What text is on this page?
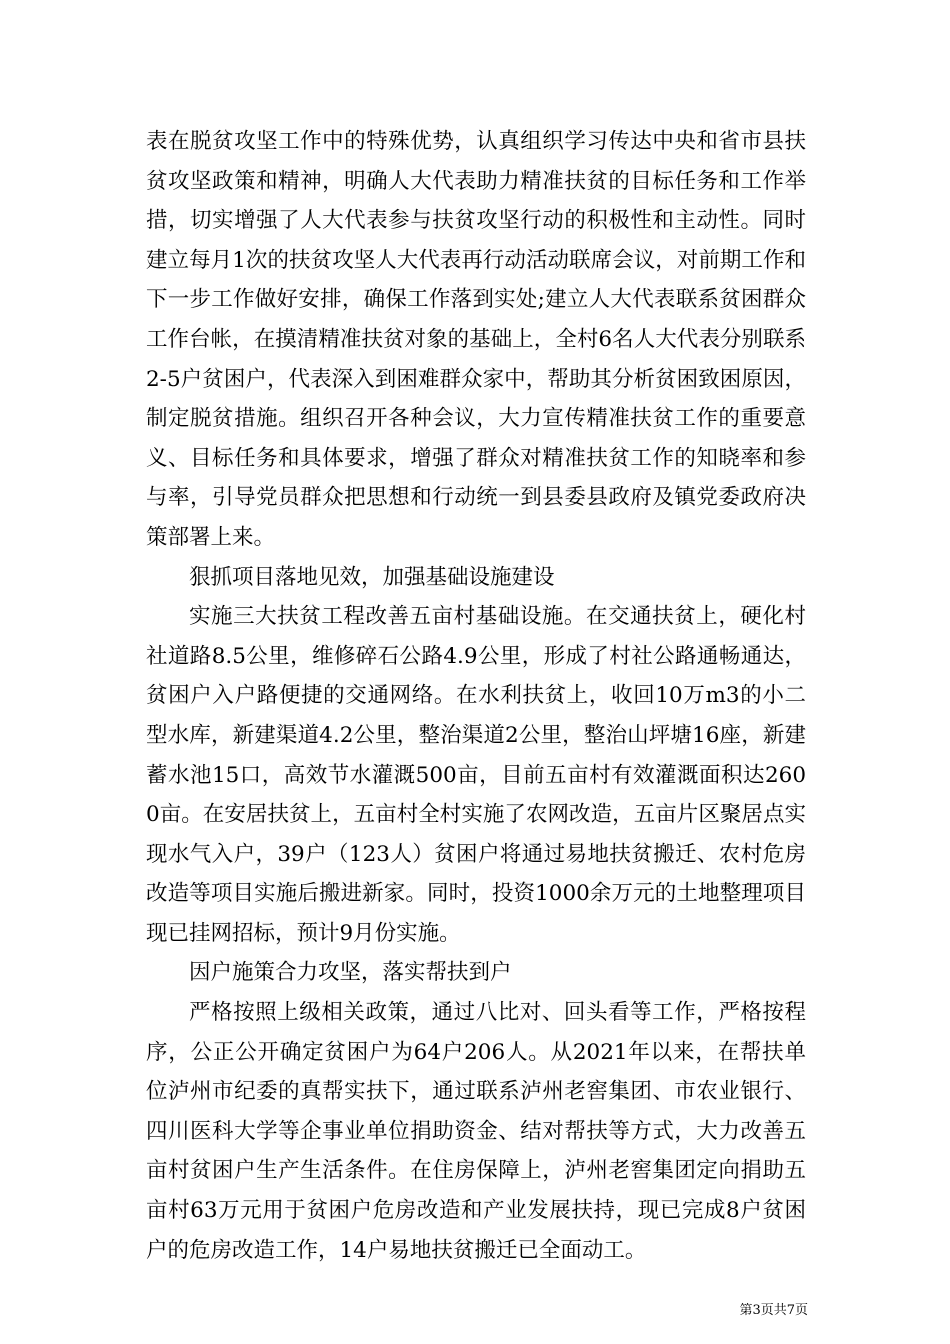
表在脱贫攻坚工作中的特殊优势，认真组织学习传达中央和省市县扶贫攻坚政策和精神，明确人大代表助力精准扶贫的目标任务和工作举措，切实增强了人大代表参与扶贫攻坚行动的积极性和主动性。同时建立每月1次的扶贫攻坚人大代表再行动活动联席会议，对前期工作和下一步工作做好安排，确保工作落到实处;建立人大代表联系贫困群众工作台帐，在摸清精准扶贫对象的基础上，全村6名人大代表分别联系2-5户贫困户，代表深入到困难群众家中，帮助其分析贫困致困原因，制定脱贫措施。组织召开各种会议，大力宣传精准扶贫工作的重要意义、目标任务和具体要求，增强了群众对精准扶贫工作的知晓率和参与率，引导党员群众把思想和行动统一到县委县政府及镇党委政府决策部署上来。

狠抓项目落地见效，加强基础设施建设

实施三大扶贫工程改善五亩村基础设施。在交通扶贫上，硬化村社道路8.5公里，维修碎石公路4.9公里，形成了村社公路通畅通达，贫困户入户路便捷的交通网络。在水利扶贫上，收回10万m3的小二型水库，新建渠道4.2公里，整治渠道2公里，整治山坪塘16座，新建蓄水池15口，高效节水灌溉500亩，目前五亩村有效灌溉面积达2600亩。在安居扶贫上，五亩村全村实施了农网改造，五亩片区聚居点实现水气入户，39户（123人）贫困户将通过易地扶贫搬迁、农村危房改造等项目实施后搬进新家。同时，投资1000余万元的土地整理项目现已挂网招标，预计9月份实施。

因户施策合力攻坚，落实帮扶到户

严格按照上级相关政策，通过八比对、回头看等工作，严格按程序，公正公开确定贫困户为64户206人。从2021年以来，在帮扶单位泸州市纪委的真帮实扶下，通过联系泸州老窖集团、市农业银行、四川医科大学等企事业单位捐助资金、结对帮扶等方式，大力改善五亩村贫困户生产生活条件。在住房保障上，泸州老窖集团定向捐助五亩村63万元用于贫困户危房改造和产业发展扶持，现已完成8户贫困户的危房改造工作，14户易地扶贫搬迁已全面动工。

第3页共7页
